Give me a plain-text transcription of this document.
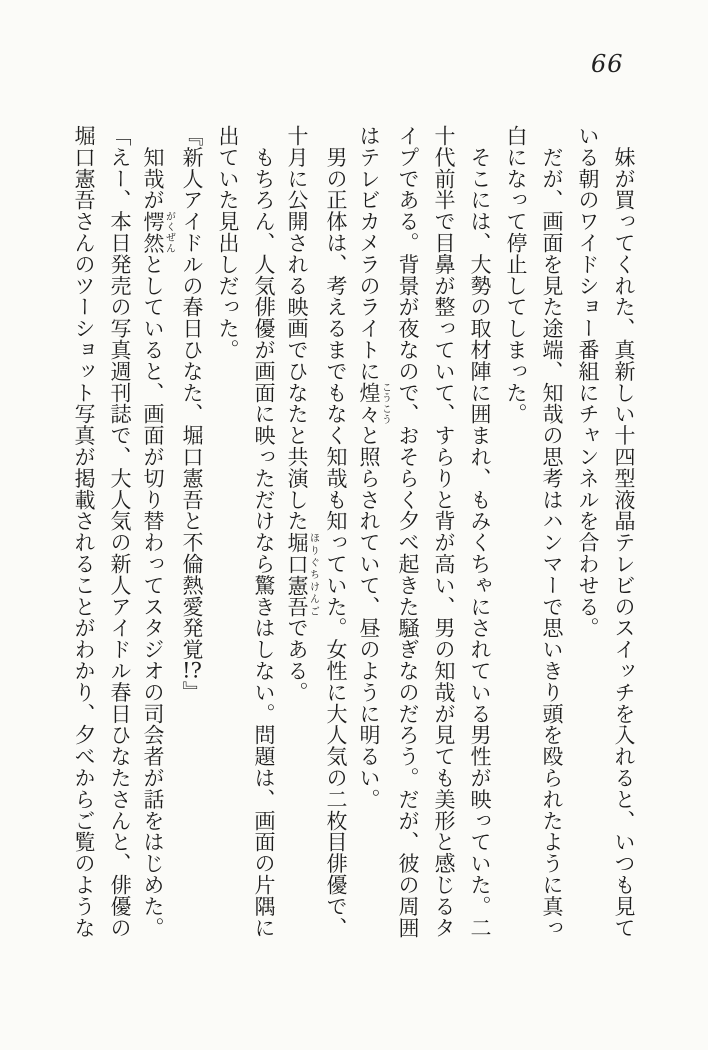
66
　妹が買ってくれた、真新しい十四型液晶テレビのスイッチを入れると、いつも見て
いる朝のワイドショー番組にチャンネルを合わせる。
　だが、画面を見た途端、知哉の思考はハンマーで思いきり頭を殴られたように真っ
白になって停止してしまった。
　そこには、大勢の取材陣に囲まれ、もみくちゃにされている男性が映っていた。二
十代前半で目鼻が整っていて、すらりと背が高い、男の知哉が見ても美形と感じるタ
イプである。背景が夜なので、おそらく夕べ起きた騒ぎなのだろう。だが、彼の周囲
はテレビカメラのライトに煌々こうこうと照らされていて、昼のように明るい。
　男の正体は、考えるまでもなく知哉も知っていた。女性に大人気の二枚目俳優で、
十月に公開される映画でひなたと共演した堀口憲吾ほりぐちけんごである。
　もちろん、人気俳優が画面に映っただけなら驚きはしない。問題は、画面の片隅に
出ていた見出しだった。
『新人アイドルの春日ひなた、堀口憲吾と不倫熱愛発覚!?』
　知哉が愕然がくぜんとしていると、画面が切り替わってスタジオの司会者が話をはじめた。
「えー、本日発売の写真週刊誌で、大人気の新人アイドル春日ひなたさんと、俳優の
堀口憲吾さんのツーショット写真が掲載されることがわかり、夕べからご覧のような
